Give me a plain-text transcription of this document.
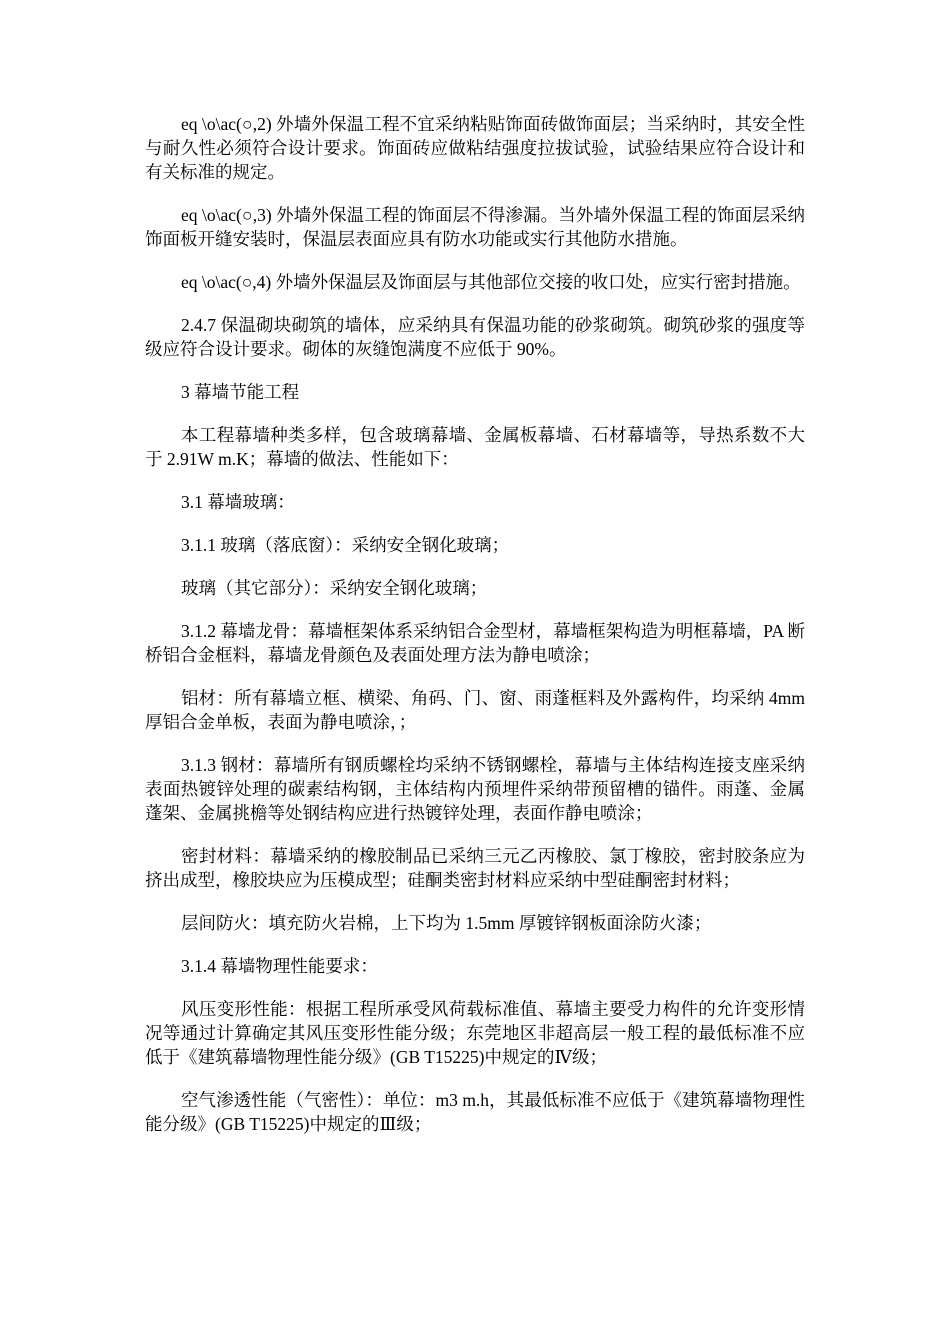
eq \o\ac(○,2) 外墙外保温工程不宜采纳粘贴饰面砖做饰面层；当采纳时，其安全性与耐久性必须符合设计要求。饰面砖应做粘结强度拉拔试验，试验结果应符合设计和有关标准的规定。

eq \o\ac(○,3) 外墙外保温工程的饰面层不得渗漏。当外墙外保温工程的饰面层采纳饰面板开缝安装时，保温层表面应具有防水功能或实行其他防水措施。

eq \o\ac(○,4) 外墙外保温层及饰面层与其他部位交接的收口处，应实行密封措施。

2.4.7 保温砌块砌筑的墙体，应采纳具有保温功能的砂浆砌筑。砌筑砂浆的强度等级应符合设计要求。砌体的灰缝饱满度不应低于 90%。

3 幕墙节能工程

本工程幕墙种类多样，包含玻璃幕墙、金属板幕墙、石材幕墙等，导热系数不大于 2.91W m.K；幕墙的做法、性能如下：

3.1 幕墙玻璃：

3.1.1 玻璃（落底窗）：采纳安全钢化玻璃；

玻璃（其它部分）：采纳安全钢化玻璃；

3.1.2 幕墙龙骨：幕墙框架体系采纳铝合金型材，幕墙框架构造为明框幕墙，PA 断桥铝合金框料，幕墙龙骨颜色及表面处理方法为静电喷涂；

铝材：所有幕墙立框、横梁、角码、门、窗、雨蓬框料及外露构件，均采纳 4mm 厚铝合金单板，表面为静电喷涂，；

3.1.3 钢材：幕墙所有钢质螺栓均采纳不锈钢螺栓，幕墙与主体结构连接支座采纳表面热镀锌处理的碳素结构钢，主体结构内预埋件采纳带预留槽的锚件。雨蓬、金属蓬架、金属挑檐等处钢结构应进行热镀锌处理，表面作静电喷涂；

密封材料：幕墙采纳的橡胶制品已采纳三元乙丙橡胶、氯丁橡胶，密封胶条应为挤出成型，橡胶块应为压模成型；硅酮类密封材料应采纳中型硅酮密封材料；

层间防火：填充防火岩棉，上下均为 1.5mm 厚镀锌钢板面涂防火漆；

3.1.4 幕墙物理性能要求：

风压变形性能：根据工程所承受风荷载标准值、幕墙主要受力构件的允许变形情况等通过计算确定其风压变形性能分级；东莞地区非超高层一般工程的最低标准不应低于《建筑幕墙物理性能分级》(GB T15225)中规定的Ⅳ级；

空气渗透性能（气密性）：单位：m3 m.h，其最低标准不应低于《建筑幕墙物理性能分级》(GB T15225)中规定的Ⅲ级；
